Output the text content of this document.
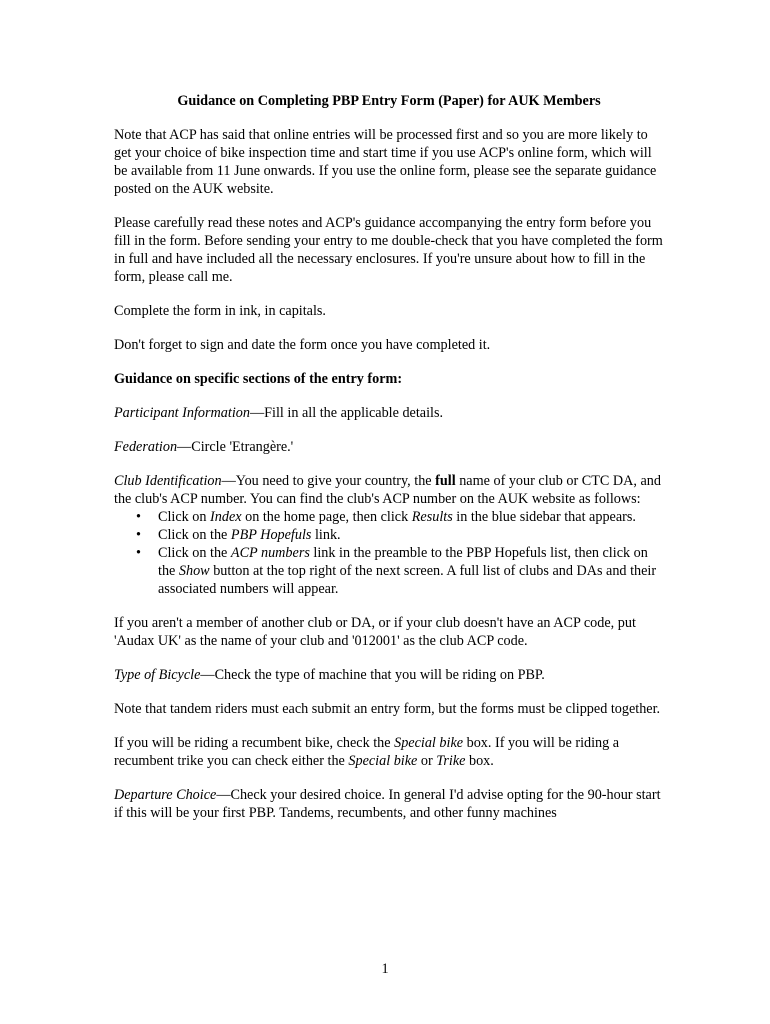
Guidance on Completing PBP Entry Form (Paper) for AUK Members

Note that ACP has said that online entries will be processed first and so you are more likely to get your choice of bike inspection time and start time if you use ACP's online form, which will be available from 11 June onwards. If you use the online form, please see the separate guidance posted on the AUK website.

Please carefully read these notes and ACP's guidance accompanying the entry form before you fill in the form. Before sending your entry to me double-check that you have completed the form in full and have included all the necessary enclosures. If you're unsure about how to fill in the form, please call me.

Complete the form in ink, in capitals.

Don't forget to sign and date the form once you have completed it.

Guidance on specific sections of the entry form:

Participant Information—Fill in all the applicable details.

Federation—Circle 'Etrangère.'

Club Identification—You need to give your country, the full name of your club or CTC DA, and the club's ACP number. You can find the club's ACP number on the AUK website as follows:

• Click on Index on the home page, then click Results in the blue sidebar that appears.
• Click on the PBP Hopefuls link.
• Click on the ACP numbers link in the preamble to the PBP Hopefuls list, then click on the Show button at the top right of the next screen. A full list of clubs and DAs and their associated numbers will appear.

If you aren't a member of another club or DA, or if your club doesn't have an ACP code, put 'Audax UK' as the name of your club and '012001' as the club ACP code.

Type of Bicycle—Check the type of machine that you will be riding on PBP.

Note that tandem riders must each submit an entry form, but the forms must be clipped together.

If you will be riding a recumbent bike, check the Special bike box. If you will be riding a recumbent trike you can check either the Special bike or Trike box.

Departure Choice—Check your desired choice. In general I'd advise opting for the 90-hour start if this will be your first PBP. Tandems, recumbents, and other funny machines

1
